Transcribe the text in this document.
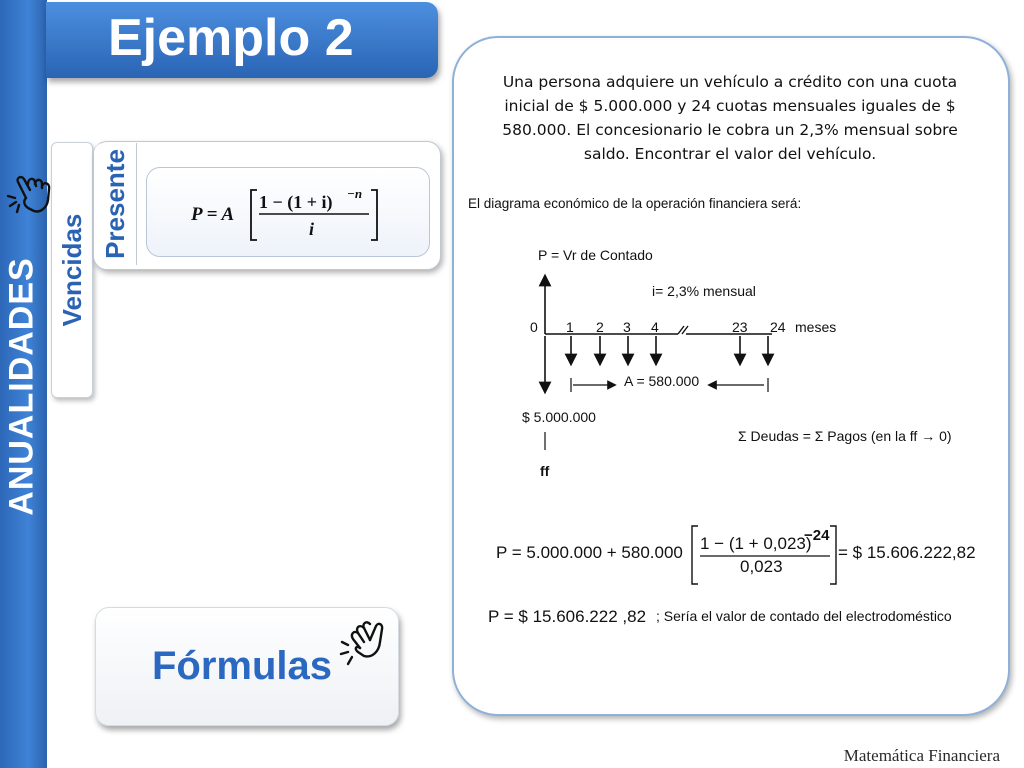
ANUALIDADES
Ejemplo 2
Vencidas
Presente	P = A
1 − (1 + i) −n
i
Fórmulas
Una persona adquiere un vehículo a crédito con una cuota inicial de $ 5.000.000 y 24 cuotas mensuales iguales de $ 580.000. El concesionario le cobra un 2,3% mensual sobre saldo. Encontrar el valor del vehículo.
El diagrama económico de la operación financiera será:
P = Vr de Contado
i= 2,3% mensual
0 1 2 3 4	23 24 meses
A = 580.000
$ 5.000.000
ff
Σ Deudas = Σ Pagos (en la ff → 0)
P = 5.000.000 + 580.000 1 − (1 + 0,023)
−24
0,023
= $ 15.606.222,82
P = $ 15.606.222 ,82 ; Sería el valor de contado del electrodoméstico
Matemática Financiera
